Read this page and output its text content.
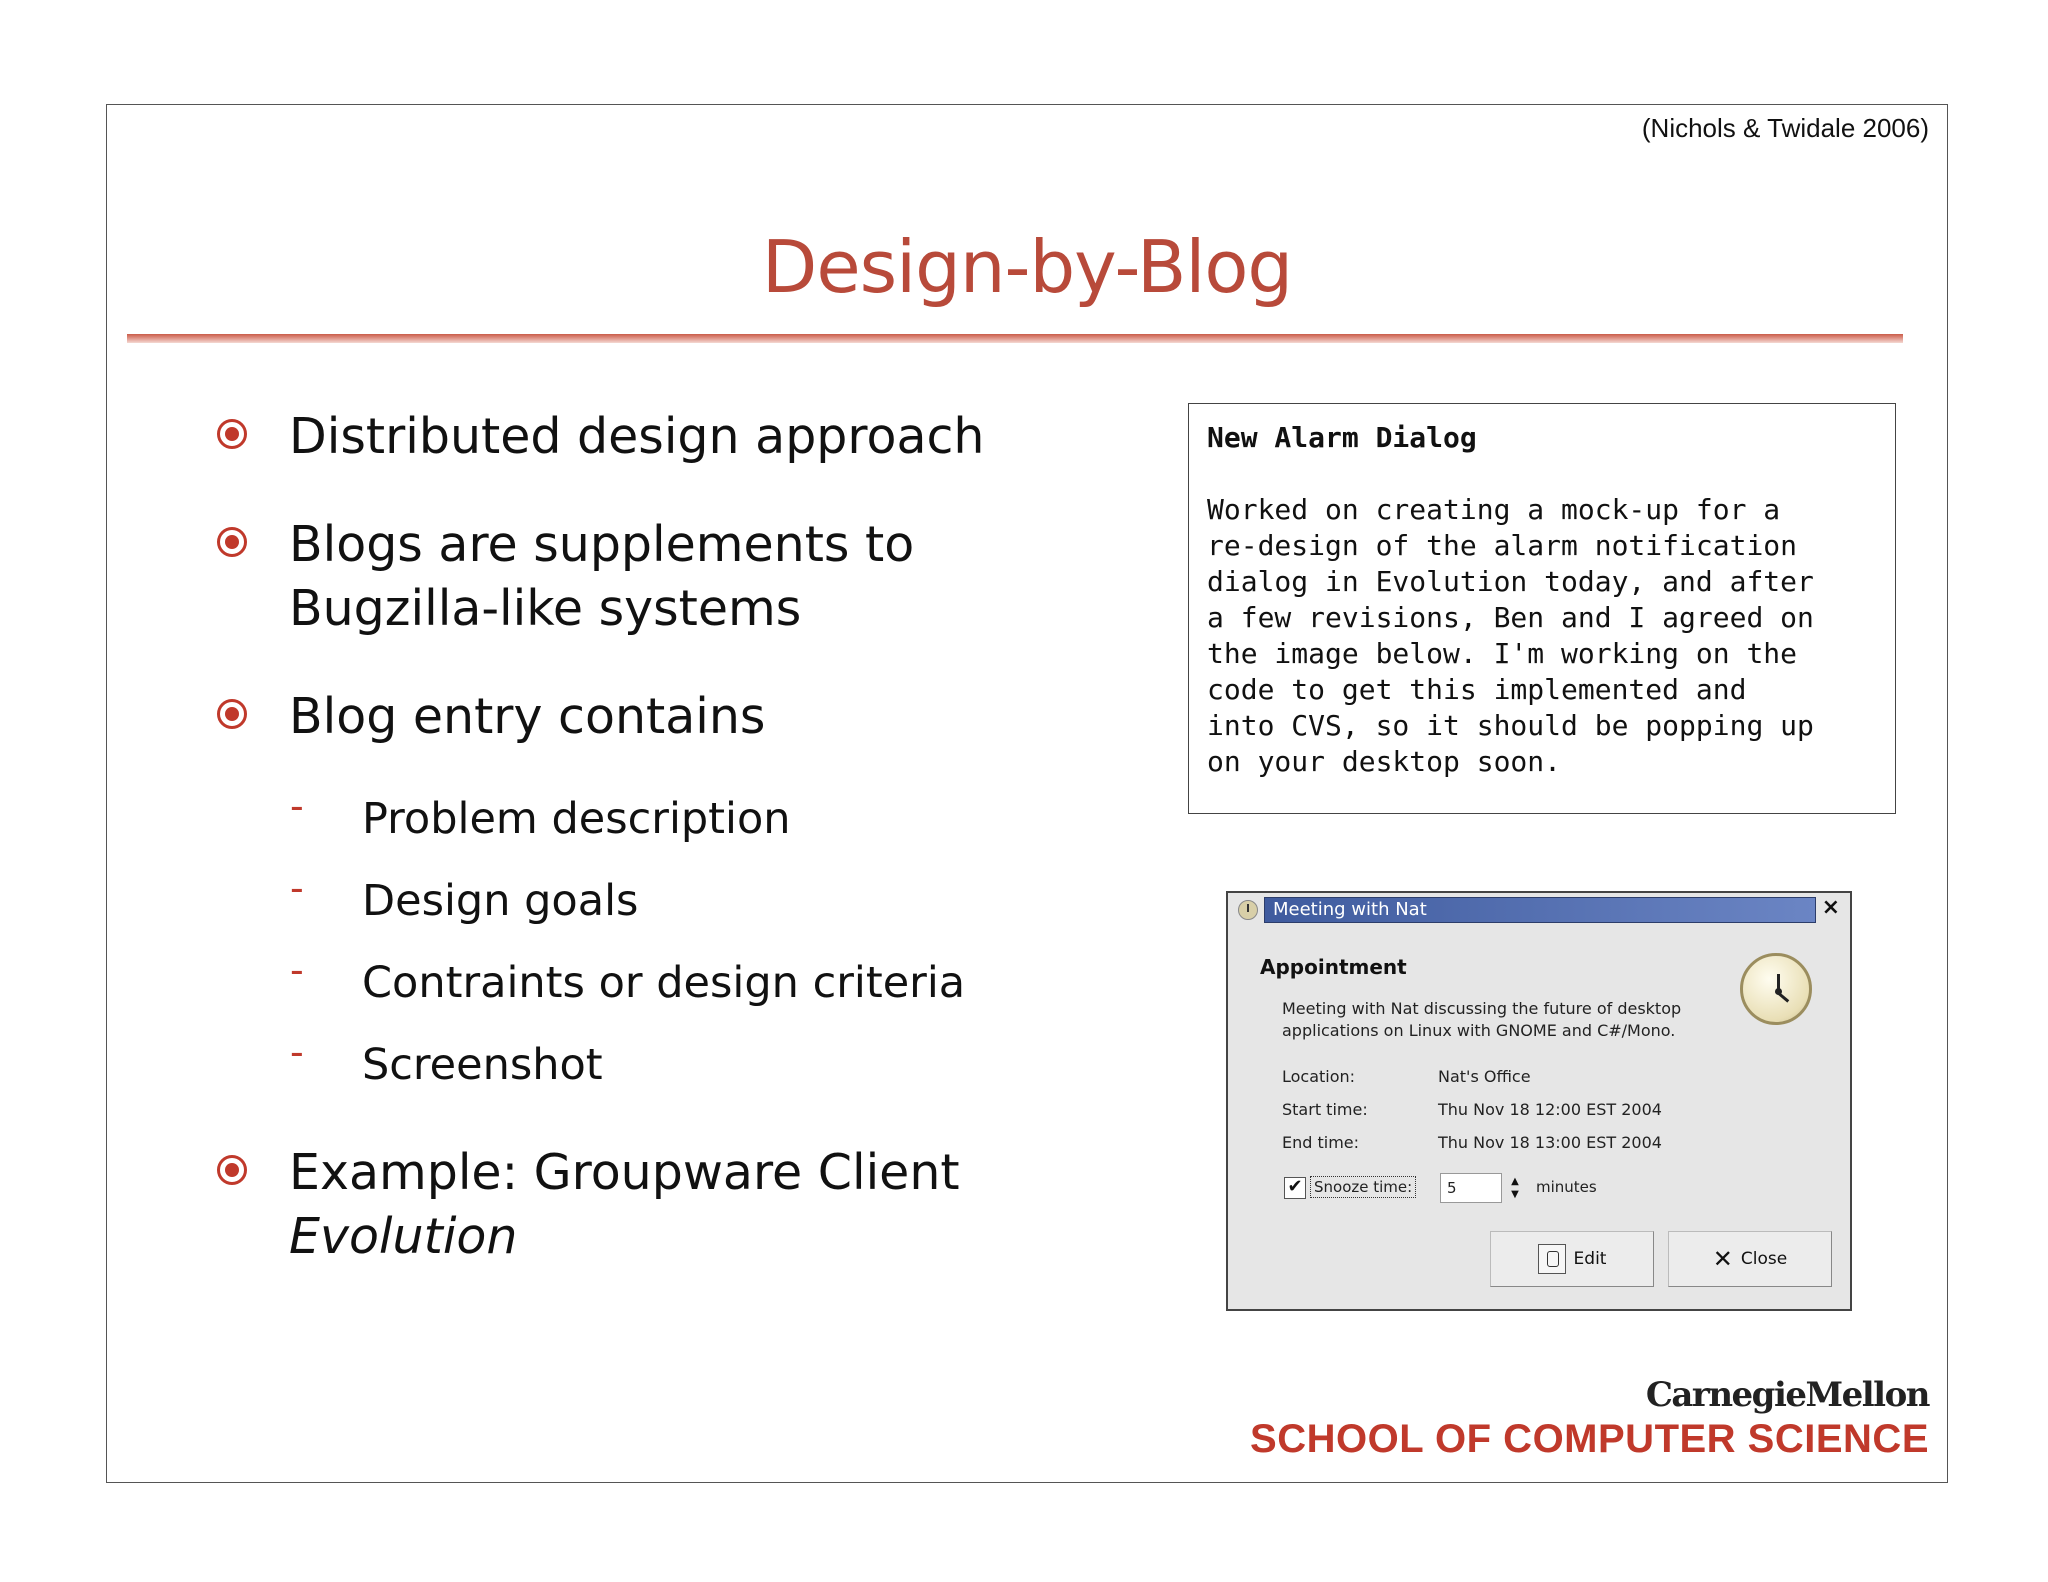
(Nichols & Twidale 2006)
Design-by-Blog
Distributed design approach
Blogs are supplements to Bugzilla-like systems
Blog entry contains
- Problem description
- Design goals
- Contraints or design criteria
- Screenshot
Example: Groupware Client
Evolution
New Alarm Dialog
Worked on creating a mock-up for a
re-design of the alarm notification
dialog in Evolution today, and after
a few revisions, Ben and I agreed on
the image below. I'm working on the
code to get this implemented and
into CVS, so it should be popping up
on your desktop soon.
Meeting with Nat	×
Appointment
Meeting with Nat discussing the future of desktop applications on Linux with GNOME and C#/Mono.
Location:	Nat's Office
Start time:	Thu Nov 18 12:00 EST 2004
End time:	Thu Nov 18 13:00 EST 2004
✔ Snooze time:	5	▲
▼ minutes
Edit	✕ Close
CarnegieMellon
SCHOOL OF COMPUTER SCIENCE
